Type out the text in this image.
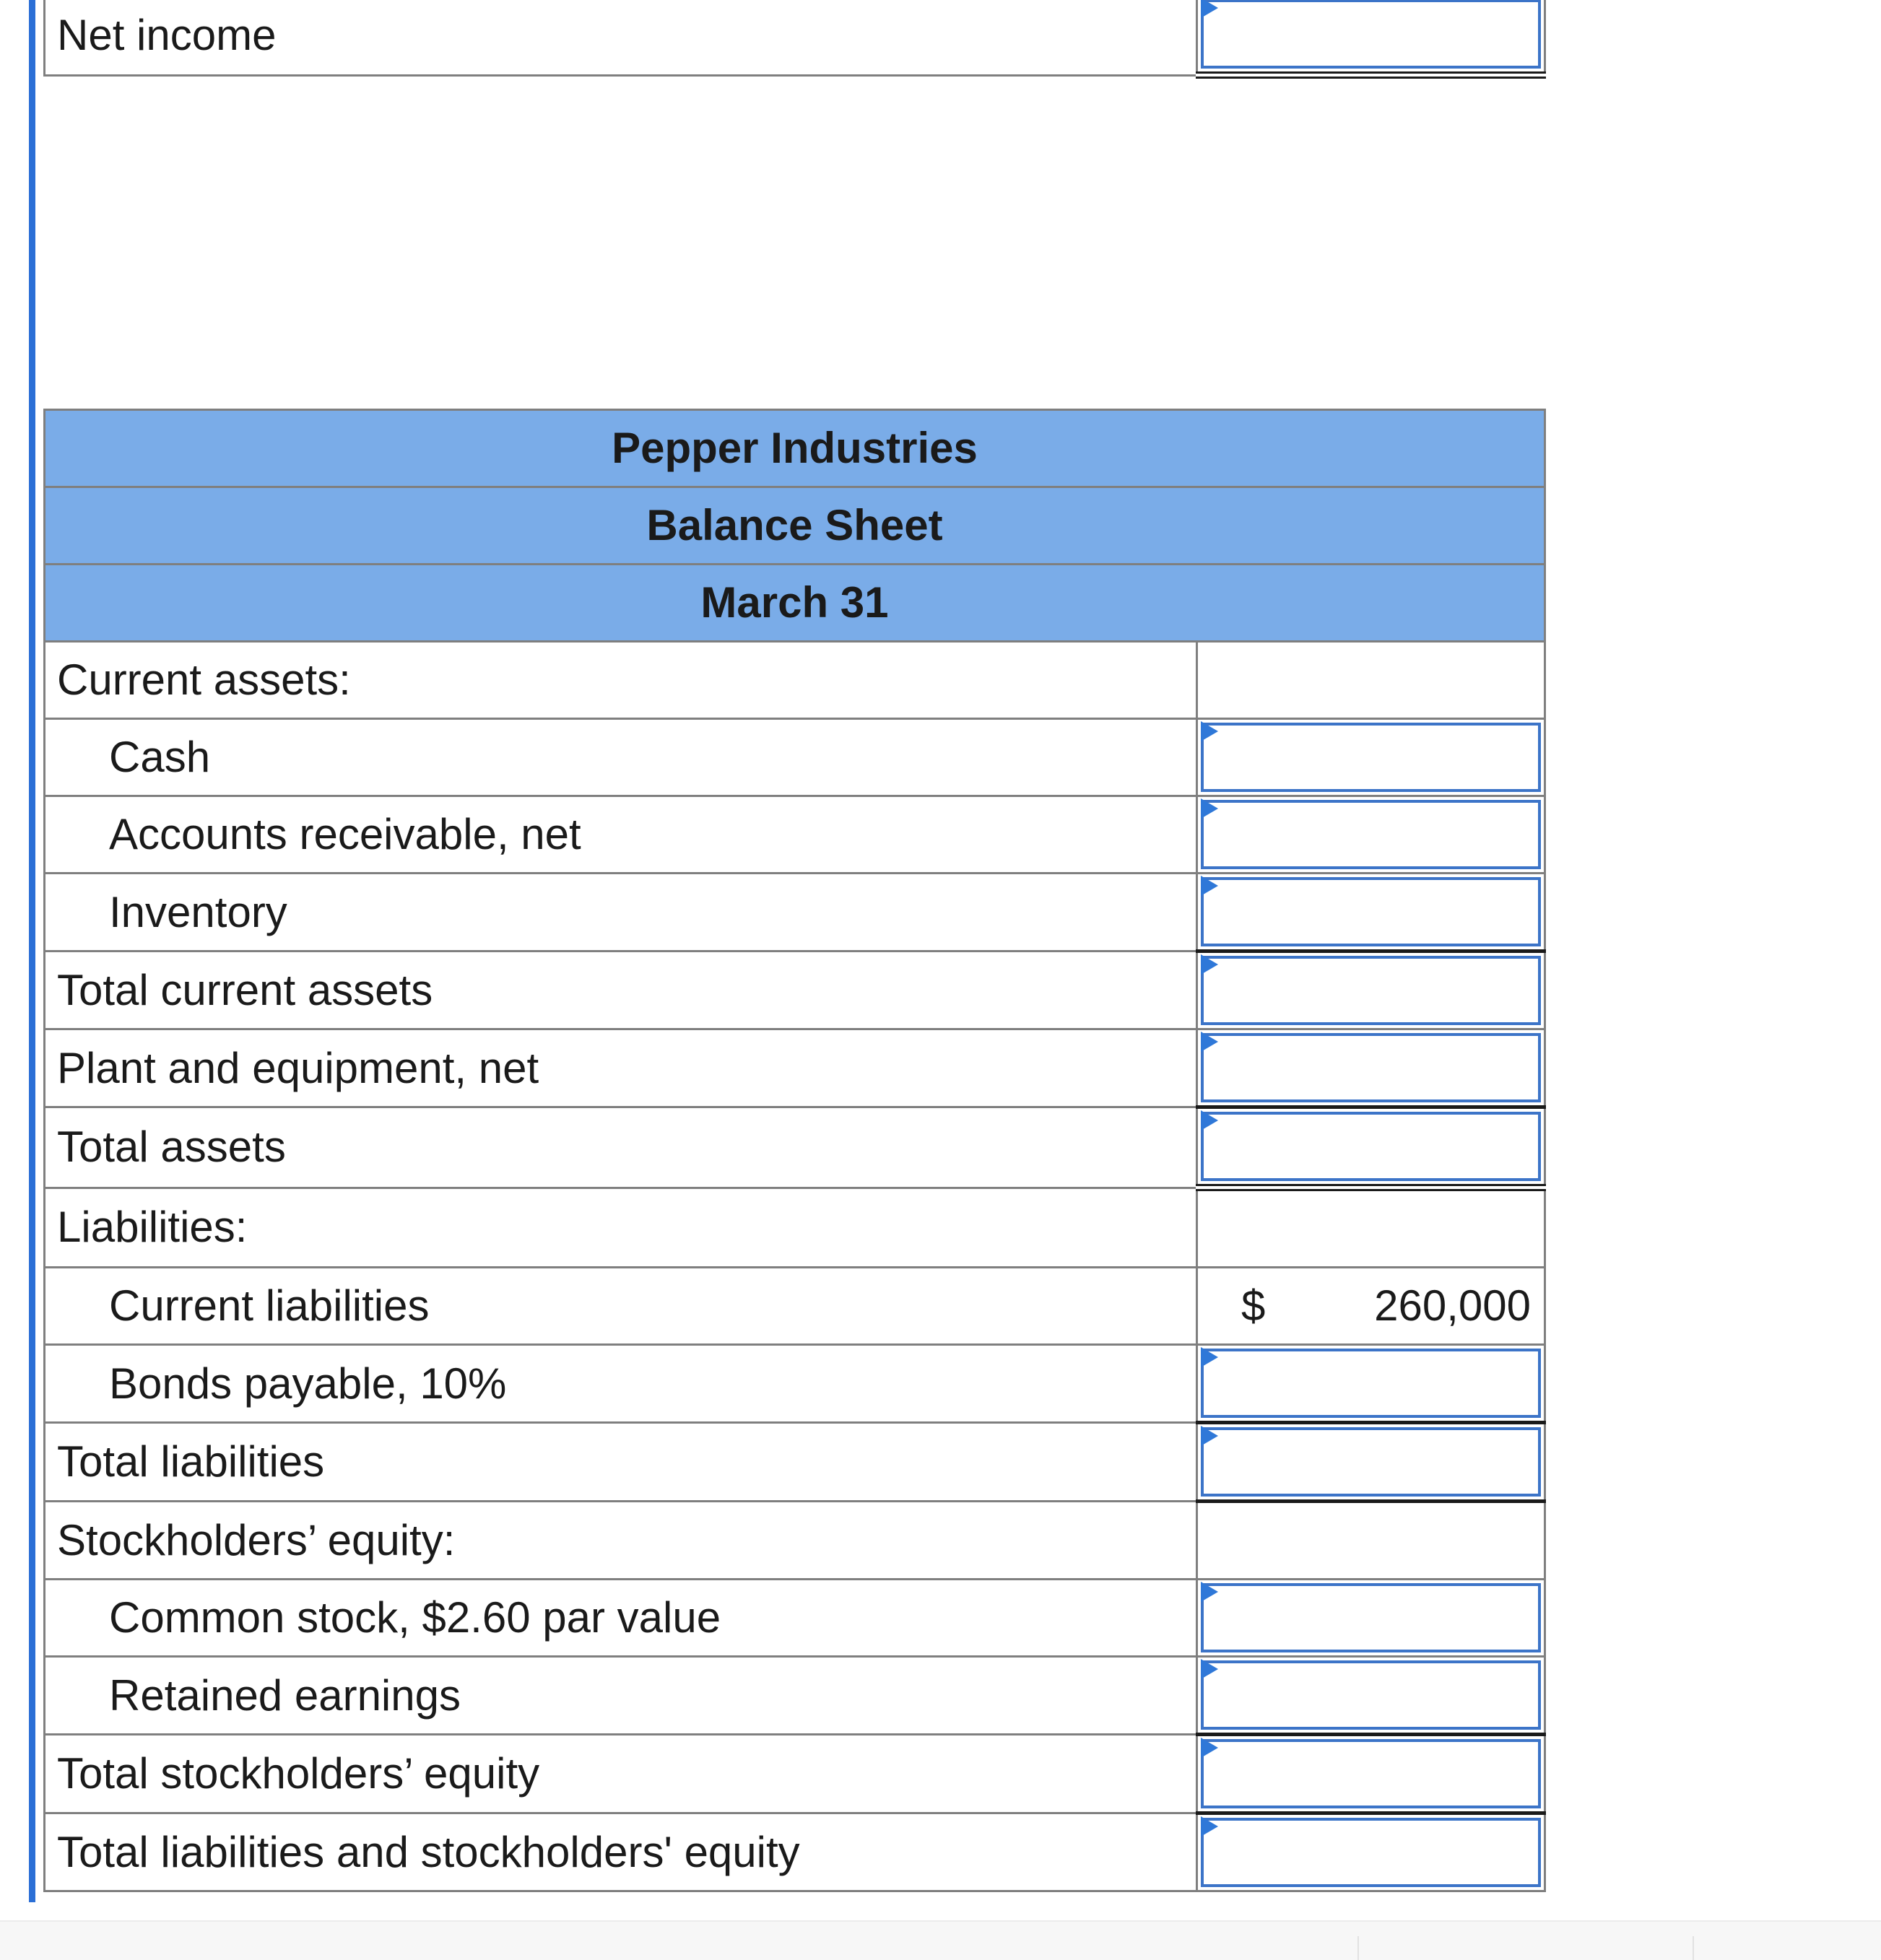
Net income	
Pepper Industries	
Balance Sheet	
March 31	
Current assets:	
Cash	

Accounts receivable, net	

Inventory	

Total current assets	

Plant and equipment, net	

Total assets	

Liabilities:	
Current liabilities	$ 260,000

Bonds payable, 10%	

Total liabilities	

Stockholders’ equity:	
Common stock, $2.60 par value	

Retained earnings	

Total stockholders’ equity	

Total liabilities and stockholders' equity	
